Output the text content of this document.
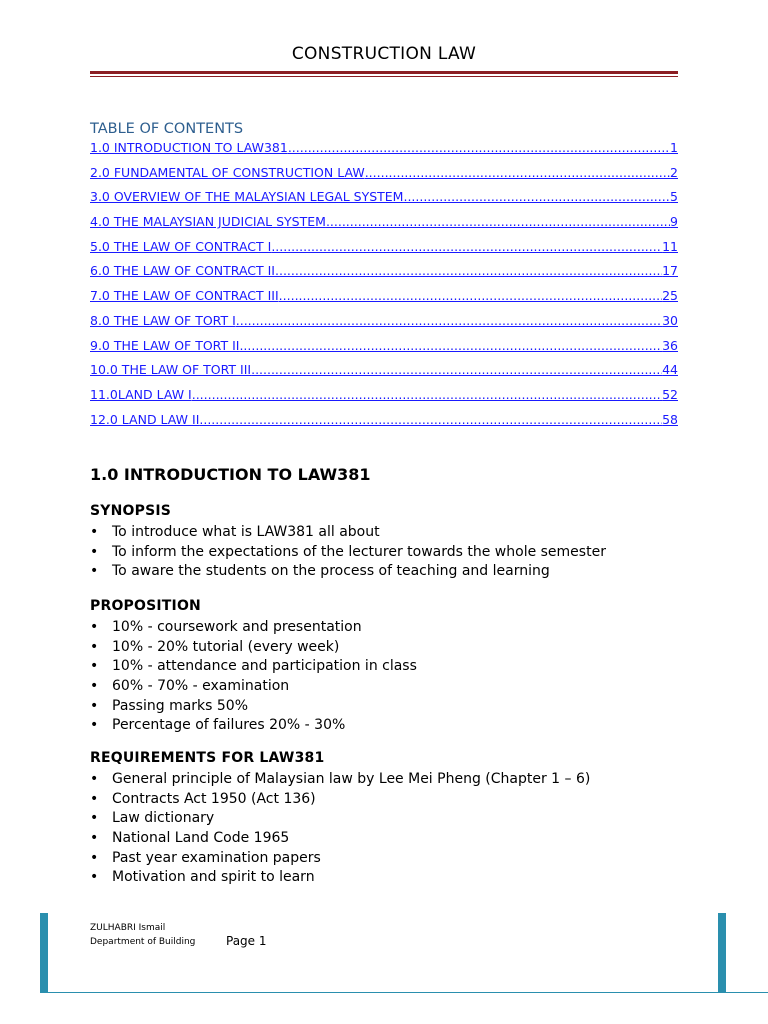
CONSTRUCTION LAW
TABLE OF CONTENTS
1.0 INTRODUCTION TO LAW381 .....	1
2.0 FUNDAMENTAL OF CONSTRUCTION LAW .....	2
3.0 OVERVIEW OF THE MALAYSIAN LEGAL SYSTEM .....	5
4.0 THE MALAYSIAN JUDICIAL SYSTEM .....	9
5.0 THE LAW OF CONTRACT I .....	11
6.0 THE LAW OF CONTRACT II .....	17
7.0 THE LAW OF CONTRACT III .....	25
8.0 THE LAW OF TORT I .....	30
9.0 THE LAW OF TORT II .....	36
10.0 THE LAW OF TORT III .....	44
11.0LAND LAW I .....	52
12.0 LAND LAW II .....	58
1.0 INTRODUCTION TO LAW381
SYNOPSIS
• To introduce what is LAW381 all about
• To inform the expectations of the lecturer towards the whole semester
• To aware the students on the process of teaching and learning
PROPOSITION
• 10% - coursework and presentation
• 10% - 20% tutorial (every week)
• 10% - attendance and participation in class
• 60% - 70% - examination
• Passing marks 50%
• Percentage of failures 20% - 30%
REQUIREMENTS FOR LAW381
• General principle of Malaysian law by Lee Mei Pheng (Chapter 1 – 6)
• Contracts Act 1950 (Act 136)
• Law dictionary
• National Land Code 1965
• Past year examination papers
• Motivation and spirit to learn
ZULHABRI Ismail
Department of Building	Page 1
